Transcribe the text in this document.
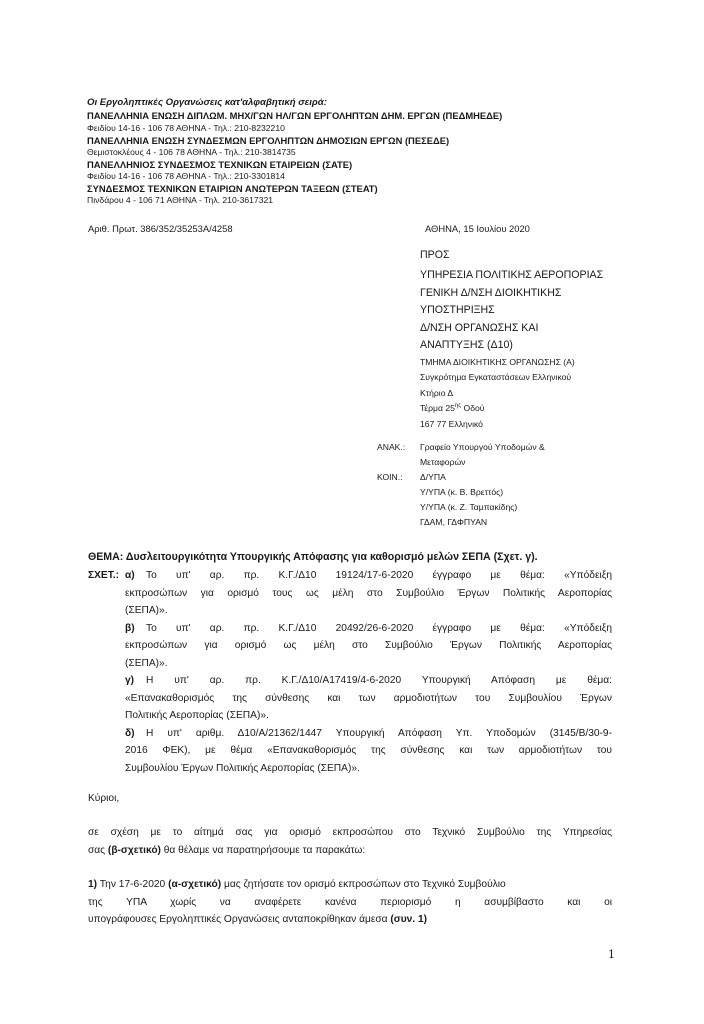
Οι Εργοληπτικές Οργανώσεις κατ'αλφαβητική σειρά:
ΠΑΝΕΛΛΗΝΙΑ ΕΝΩΣΗ ΔΙΠΛΩΜ. ΜΗΧ/ΓΩΝ ΗΛ/ΓΩΝ ΕΡΓΟΛΗΠΤΩΝ ΔΗΜ. ΕΡΓΩΝ (ΠΕΔΜΗΕΔΕ)
Φειδίου 14-16 - 106 78 ΑΘΗΝΑ - Τηλ.: 210-8232210
ΠΑΝΕΛΛΗΝΙΑ ΕΝΩΣΗ ΣΥΝΔΕΣΜΩΝ ΕΡΓΟΛΗΠΤΩΝ ΔΗΜΟΣΙΩΝ ΕΡΓΩΝ (ΠΕΣΕΔΕ)
Θεμιστοκλέους 4 - 106 78 ΑΘΗΝΑ - Τηλ.: 210-3814735
ΠΑΝΕΛΛΗΝΙΟΣ ΣΥΝΔΕΣΜΟΣ ΤΕΧΝΙΚΩΝ ΕΤΑΙΡΕΙΩΝ (ΣΑΤΕ)
Φειδίου 14-16 - 106 78 ΑΘΗΝΑ - Τηλ.: 210-3301814
ΣΥΝΔΕΣΜΟΣ ΤΕΧΝΙΚΩΝ ΕΤΑΙΡΙΩΝ ΑΝΩΤΕΡΩΝ ΤΑΞΕΩΝ (ΣΤΕΑΤ)
Πινδάρου 4 - 106 71 ΑΘΗΝΑ - Τηλ. 210-3617321
Αριθ. Πρωτ. 386/352/35253Α/4258	ΑΘΗΝΑ, 15 Ιουλίου 2020
ΠΡΟΣ
ΥΠΗΡΕΣΙΑ ΠΟΛΙΤΙΚΗΣ ΑΕΡΟΠΟΡΙΑΣ
ΓΕΝΙΚΗ Δ/ΝΣΗ ΔΙΟΙΚΗΤΙΚΗΣ
ΥΠΟΣΤΗΡΙΞΗΣ
Δ/ΝΣΗ ΟΡΓΑΝΩΣΗΣ ΚΑΙ
ΑΝΑΠΤΥΞΗΣ (Δ10)
ΤΜΗΜΑ ΔΙΟΙΚΗΤΙΚΗΣ ΟΡΓΑΝΩΣΗΣ (Α)
Συγκρότημα Εγκαταστάσεων Ελληνικού
Κτήριο Δ
Τέρμα $25^{\eta\varsigma}$ Οδού
167 77 Ελληνικό
ΑΝΑΚ.: Γραφείο Υπουργού Υποδομών &
Μεταφορών
ΚΟΙΝ.: Δ/ΥΠΑ
Υ/ΥΠΑ (κ. Β. Βρεττός)
Υ/ΥΠΑ (κ. Ζ. Ταμπακίδης)
ΓΔΑΜ, ΓΔΦΠΥΑΝ
ΘΕΜΑ: Δυσλειτουργικότητα Υπουργικής Απόφασης για καθορισμό μελών ΣΕΠΑ (Σχετ. γ).
ΣΧΕΤ.: α) Το υπ' αρ. πρ. Κ.Γ./Δ10 19124/17-6-2020 έγγραφο με θέμα: «Υπόδειξη
εκπροσώπων για ορισμό τους ως μέλη στο Συμβούλιο Έργων Πολιτικής Αεροπορίας
(ΣΕΠΑ)».
β) Το υπ' αρ. πρ. Κ.Γ./Δ10 20492/26-6-2020 έγγραφο με θέμα: «Υπόδειξη
εκπροσώπων για ορισμό ως μέλη στο Συμβούλιο Έργων Πολιτικής Αεροπορίας
(ΣΕΠΑ)».
γ) Η υπ' αρ. πρ. Κ.Γ./Δ10/Α17419/4-6-2020 Υπουργική Απόφαση με θέμα:
«Επανακαθορισμός της σύνθεσης και των αρμοδιοτήτων του Συμβουλίου Έργων
Πολιτικής Αεροπορίας (ΣΕΠΑ)».
δ) Η υπ' αριθμ. Δ10/Α/21362/1447 Υπουργική Απόφαση Υπ. Υποδομών (3145/Β/30-9-
2016 ΦΕΚ), με θέμα «Επανακαθορισμός της σύνθεσης και των αρμοδιοτήτων του
Συμβουλίου Έργων Πολιτικής Αεροπορίας (ΣΕΠΑ)».
Κύριοι,
σε σχέση με το αίτημά σας για ορισμό εκπροσώπου στο Τεχνικό Συμβούλιο της Υπηρεσίας
σας (β-σχετικό) θα θέλαμε να παρατηρήσουμε τα παρακάτω:
1) Την 17-6-2020 (α-σχετικό) μας ζητήσατε τον ορισμό εκπροσώπων στο Τεχνικό Συμβούλιο
της ΥΠΑ χωρίς να αναφέρετε κανένα περιορισμό η ασυμβίβαστο και οι
υπογράφουσες Εργοληπτικές Οργανώσεις ανταποκρίθηκαν άμεσα (συν. 1)
1
